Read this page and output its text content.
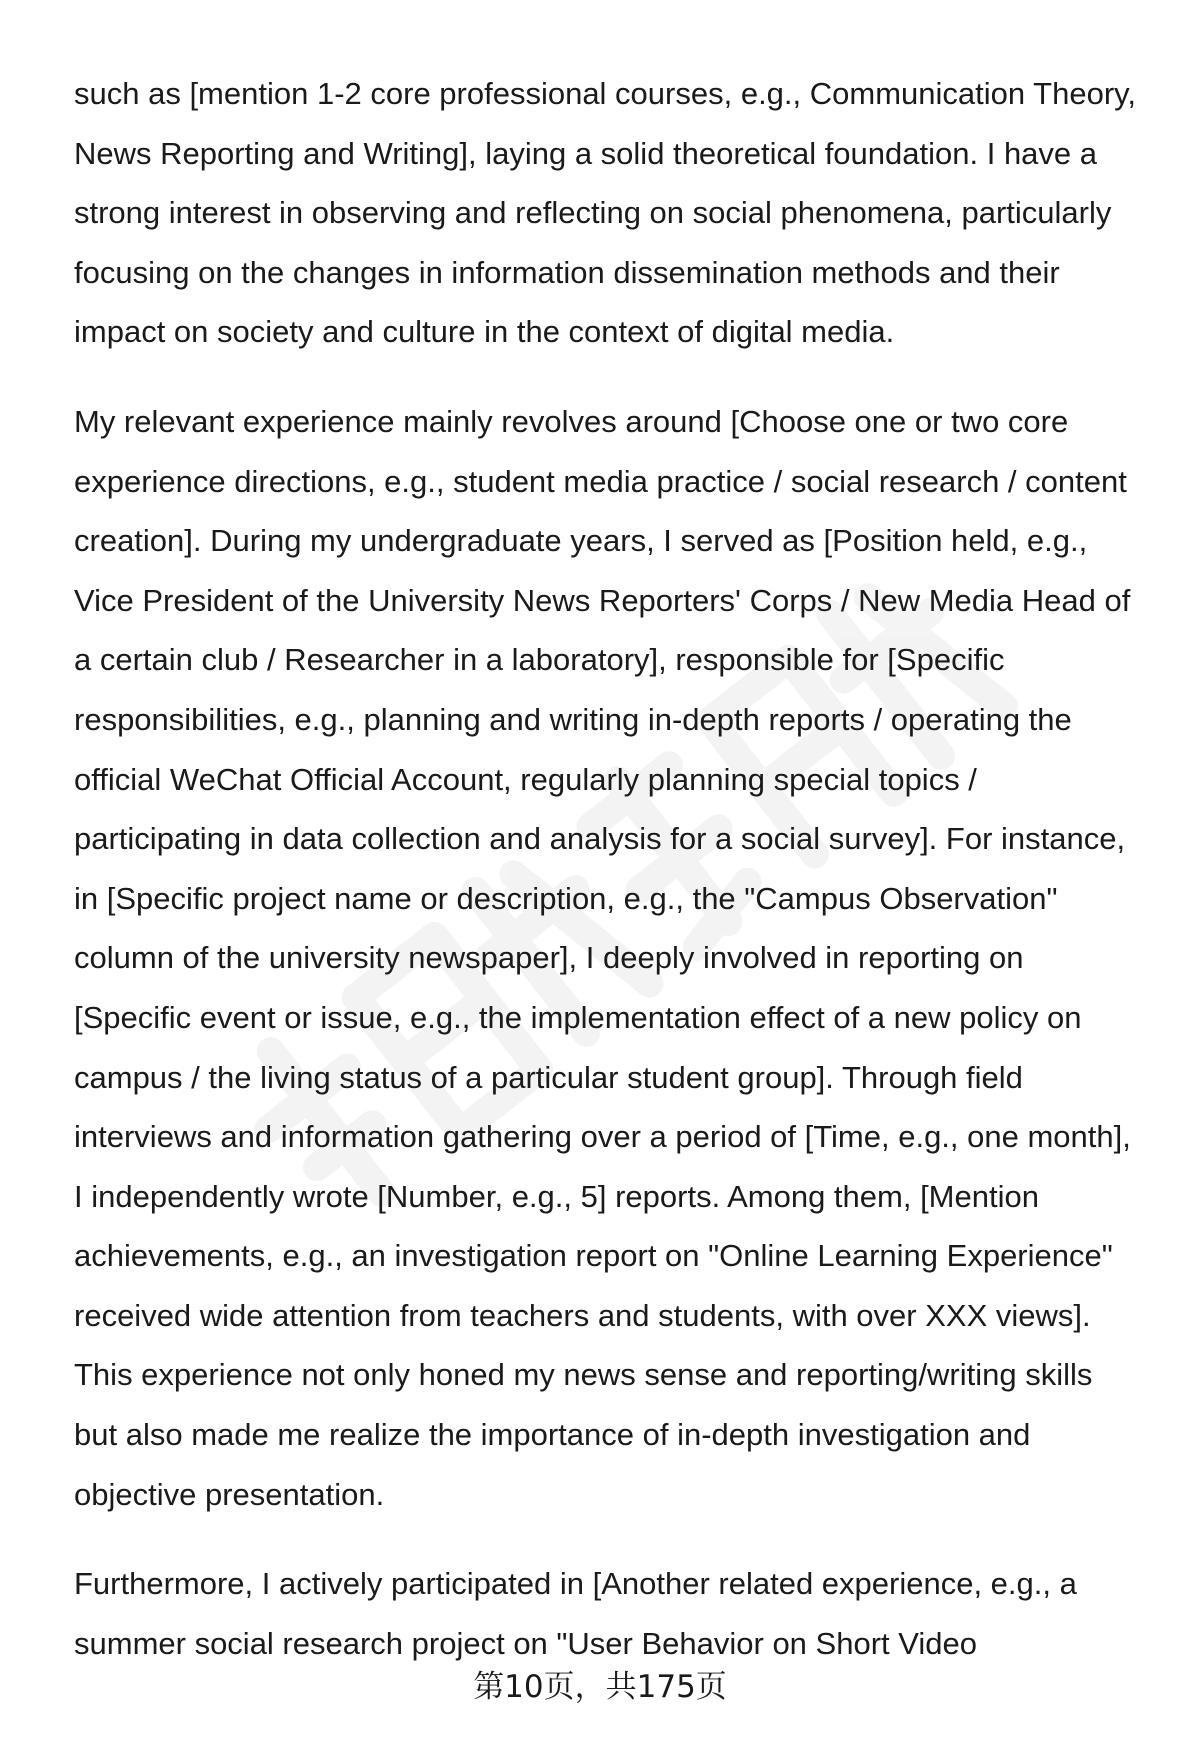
such as [mention 1-2 core professional courses, e.g., Communication Theory, News Reporting and Writing], laying a solid theoretical foundation. I have a strong interest in observing and reflecting on social phenomena, particularly focusing on the changes in information dissemination methods and their impact on society and culture in the context of digital media.

My relevant experience mainly revolves around [Choose one or two core experience directions, e.g., student media practice / social research / content creation]. During my undergraduate years, I served as [Position held, e.g., Vice President of the University News Reporters' Corps / New Media Head of a certain club / Researcher in a laboratory], responsible for [Specific responsibilities, e.g., planning and writing in-depth reports / operating the official WeChat Official Account, regularly planning special topics / participating in data collection and analysis for a social survey]. For instance, in [Specific project name or description, e.g., the "Campus Observation" column of the university newspaper], I deeply involved in reporting on [Specific event or issue, e.g., the implementation effect of a new policy on campus / the living status of a particular student group]. Through field interviews and information gathering over a period of [Time, e.g., one month], I independently wrote [Number, e.g., 5] reports. Among them, [Mention achievements, e.g., an investigation report on "Online Learning Experience" received wide attention from teachers and students, with over XXX views]. This experience not only honed my news sense and reporting/writing skills but also made me realize the importance of in-depth investigation and objective presentation.

Furthermore, I actively participated in [Another related experience, e.g., a summer social research project on "User Behavior on Short Video

第10页，共175页
